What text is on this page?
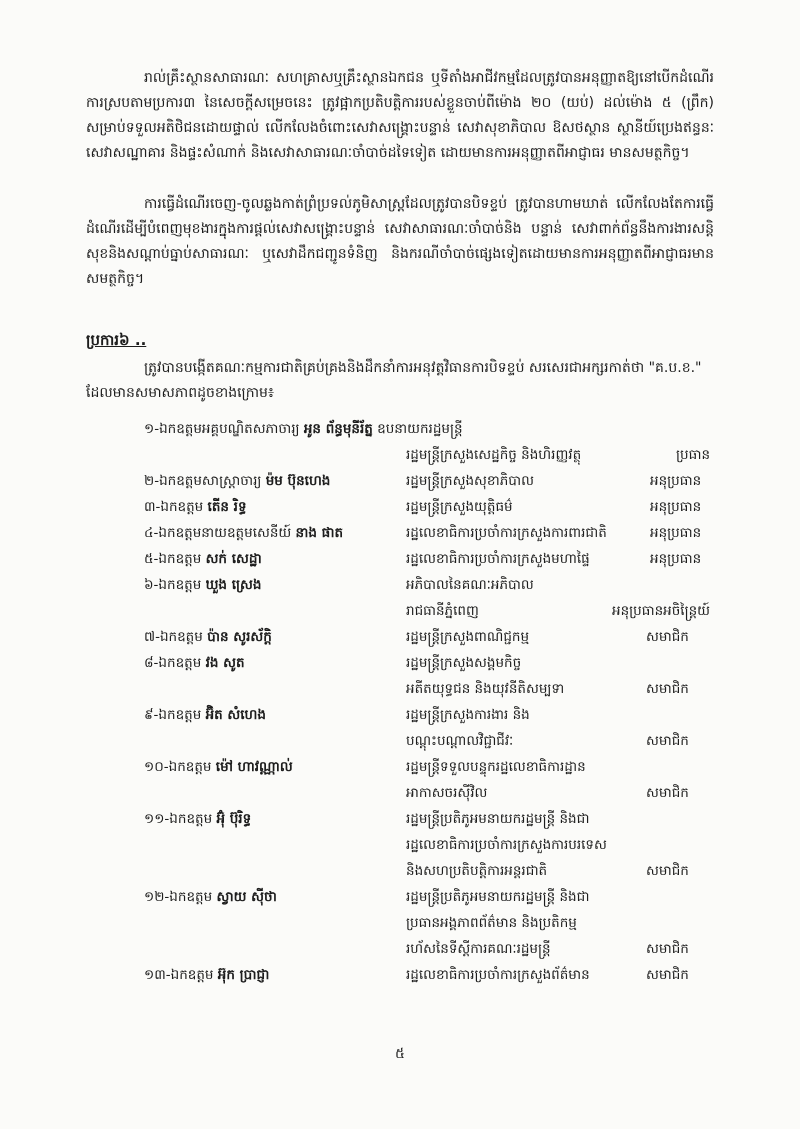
រាល់គ្រឹះស្ថានសាធារណៈ សហគ្រាសឬគ្រឹះស្ថានឯកជន ឬទីតាំងអាជីវកម្មដែលត្រូវបានអនុញ្ញាតឱ្យនៅបើកដំណើរការស្របតាមប្រការ៣ នៃសេចក្តីសម្រេចនេះ ត្រូវផ្អាកប្រតិបត្តិការរបស់ខ្លួនចាប់ពីម៉ោង ២០ (យប់) ដល់ម៉ោង ៥ (ព្រឹក) សម្រាប់ទទួលអតិថិជនដោយផ្ទាល់ លើកលែងចំពោះសេវាសង្គ្រោះបន្ទាន់ សេវាសុខាភិបាល ឱសថស្ថាន ស្ថានីយ៍ប្រេងឥន្ធនៈ សេវាសណ្ឋាគារ និងផ្ទះសំណាក់ និងសេវាសាធារណៈចាំបាច់ដទៃទៀត ដោយមានការអនុញ្ញាតពីអាជ្ញាធរ មានសមត្ថកិច្ច។

ការធ្វើដំណើរចេញ-ចូលឆ្លងកាត់ព្រំប្រទល់ភូមិសាស្ត្រដែលត្រូវបានបិទខ្ទប់ ត្រូវបានហាមឃាត់ លើកលែងតែការធ្វើដំណើរដើម្បីបំពេញមុខងារក្នុងការផ្តល់សេវាសង្គ្រោះបន្ទាន់ សេវាសាធារណៈចាំបាច់និង បន្ទាន់ សេវាពាក់ព័ន្ធនឹងការងារសន្តិសុខនិងសណ្តាប់ធ្នាប់សាធារណៈ ឬសេវាដឹកជញ្ជូនទំនិញ និងករណីចាំបាច់ផ្សេងទៀតដោយមានការអនុញ្ញាតពីអាជ្ញាធរមានសមត្ថកិច្ច។

ប្រការ៦ ..

ត្រូវបានបង្កើតគណៈកម្មការជាតិគ្រប់គ្រងនិងដឹកនាំការអនុវត្តវិធានការបិទខ្ទប់ សរសេរជាអក្សរកាត់ថា "គ.ប.ខ." ដែលមានសមាសភាពដូចខាងក្រោម៖

១-ឯកឧត្តមអគ្គបណ្ឌិតសភាចារ្យ អូន ព័ន្ធមុនីរ័ត្ន ឧបនាយករដ្ឋមន្ត្រី
រដ្ឋមន្ត្រីក្រសួងសេដ្ឋកិច្ច និងហិរញ្ញវត្ថុ	ប្រធាន
២-ឯកឧត្តមសាស្ត្រាចារ្យ ម៉ម ប៊ុនហេង	រដ្ឋមន្ត្រីក្រសួងសុខាភិបាល	អនុប្រធាន
៣-ឯកឧត្តម តេីន រិទ្ធ	រដ្ឋមន្ត្រីក្រសួងយុត្តិធម៌	អនុប្រធាន
៤-ឯកឧត្តមនាយឧត្តមសេនីយ៍ នាង ផាត	រដ្ឋលេខាធិការប្រចាំការក្រសួងការពារជាតិ	អនុប្រធាន
៥-ឯកឧត្តម សក់ សេដ្ឋា	រដ្ឋលេខាធិការប្រចាំការក្រសួងមហាផ្ទៃ	អនុប្រធាន
៦-ឯកឧត្តម ឃួង ស្រេង	អភិបាលនៃគណៈអភិបាល
រាជធានីភ្នំពេញ	អនុប្រធានអចិន្ត្រៃយ៍
៧-ឯកឧត្តម ប៉ាន សូរស័ក្តិ	រដ្ឋមន្ត្រីក្រសួងពាណិជ្ជកម្ម	សមាជិក
៨-ឯកឧត្តម វង សូត	រដ្ឋមន្ត្រីក្រសួងសង្គមកិច្ច
អតីតយុទ្ធជន និងយុវនីតិសម្បទា	សមាជិក
៩-ឯកឧត្តម អ៊ិត សំហេង	រដ្ឋមន្ត្រីក្រសួងការងារ និង
បណ្តុះបណ្តាលវិជ្ជាជីវៈ	សមាជិក
១០-ឯកឧត្តម ម៉ៅ ហាវណ្ណាល់	រដ្ឋមន្ត្រីទទួលបន្ទុករដ្ឋលេខាធិការដ្ឋាន
អាកាសចរស៊ីវិល	សមាជិក
១១-ឯកឧត្តម អ៊ុំ ប៊ុរិទ្ធ	រដ្ឋមន្ត្រីប្រតិភូអមនាយករដ្ឋមន្ត្រី និងជា
រដ្ឋលេខាធិការប្រចាំការក្រសួងការបរទេស
និងសហប្រតិបត្តិការអន្តរជាតិ	សមាជិក
១២-ឯកឧត្តម ស្វាយ ស៊ីថា	រដ្ឋមន្ត្រីប្រតិភូអមនាយករដ្ឋមន្ត្រី និងជា
ប្រធានអង្គភាពព័ត៌មាន និងប្រតិកម្ម
រហ័សនៃទីស្តីការគណៈរដ្ឋមន្ត្រី	សមាជិក
១៣-ឯកឧត្តម អ៊ុក ប្រាជ្ញា	រដ្ឋលេខាធិការប្រចាំការក្រសួងព័ត៌មាន	សមាជិក
៥
